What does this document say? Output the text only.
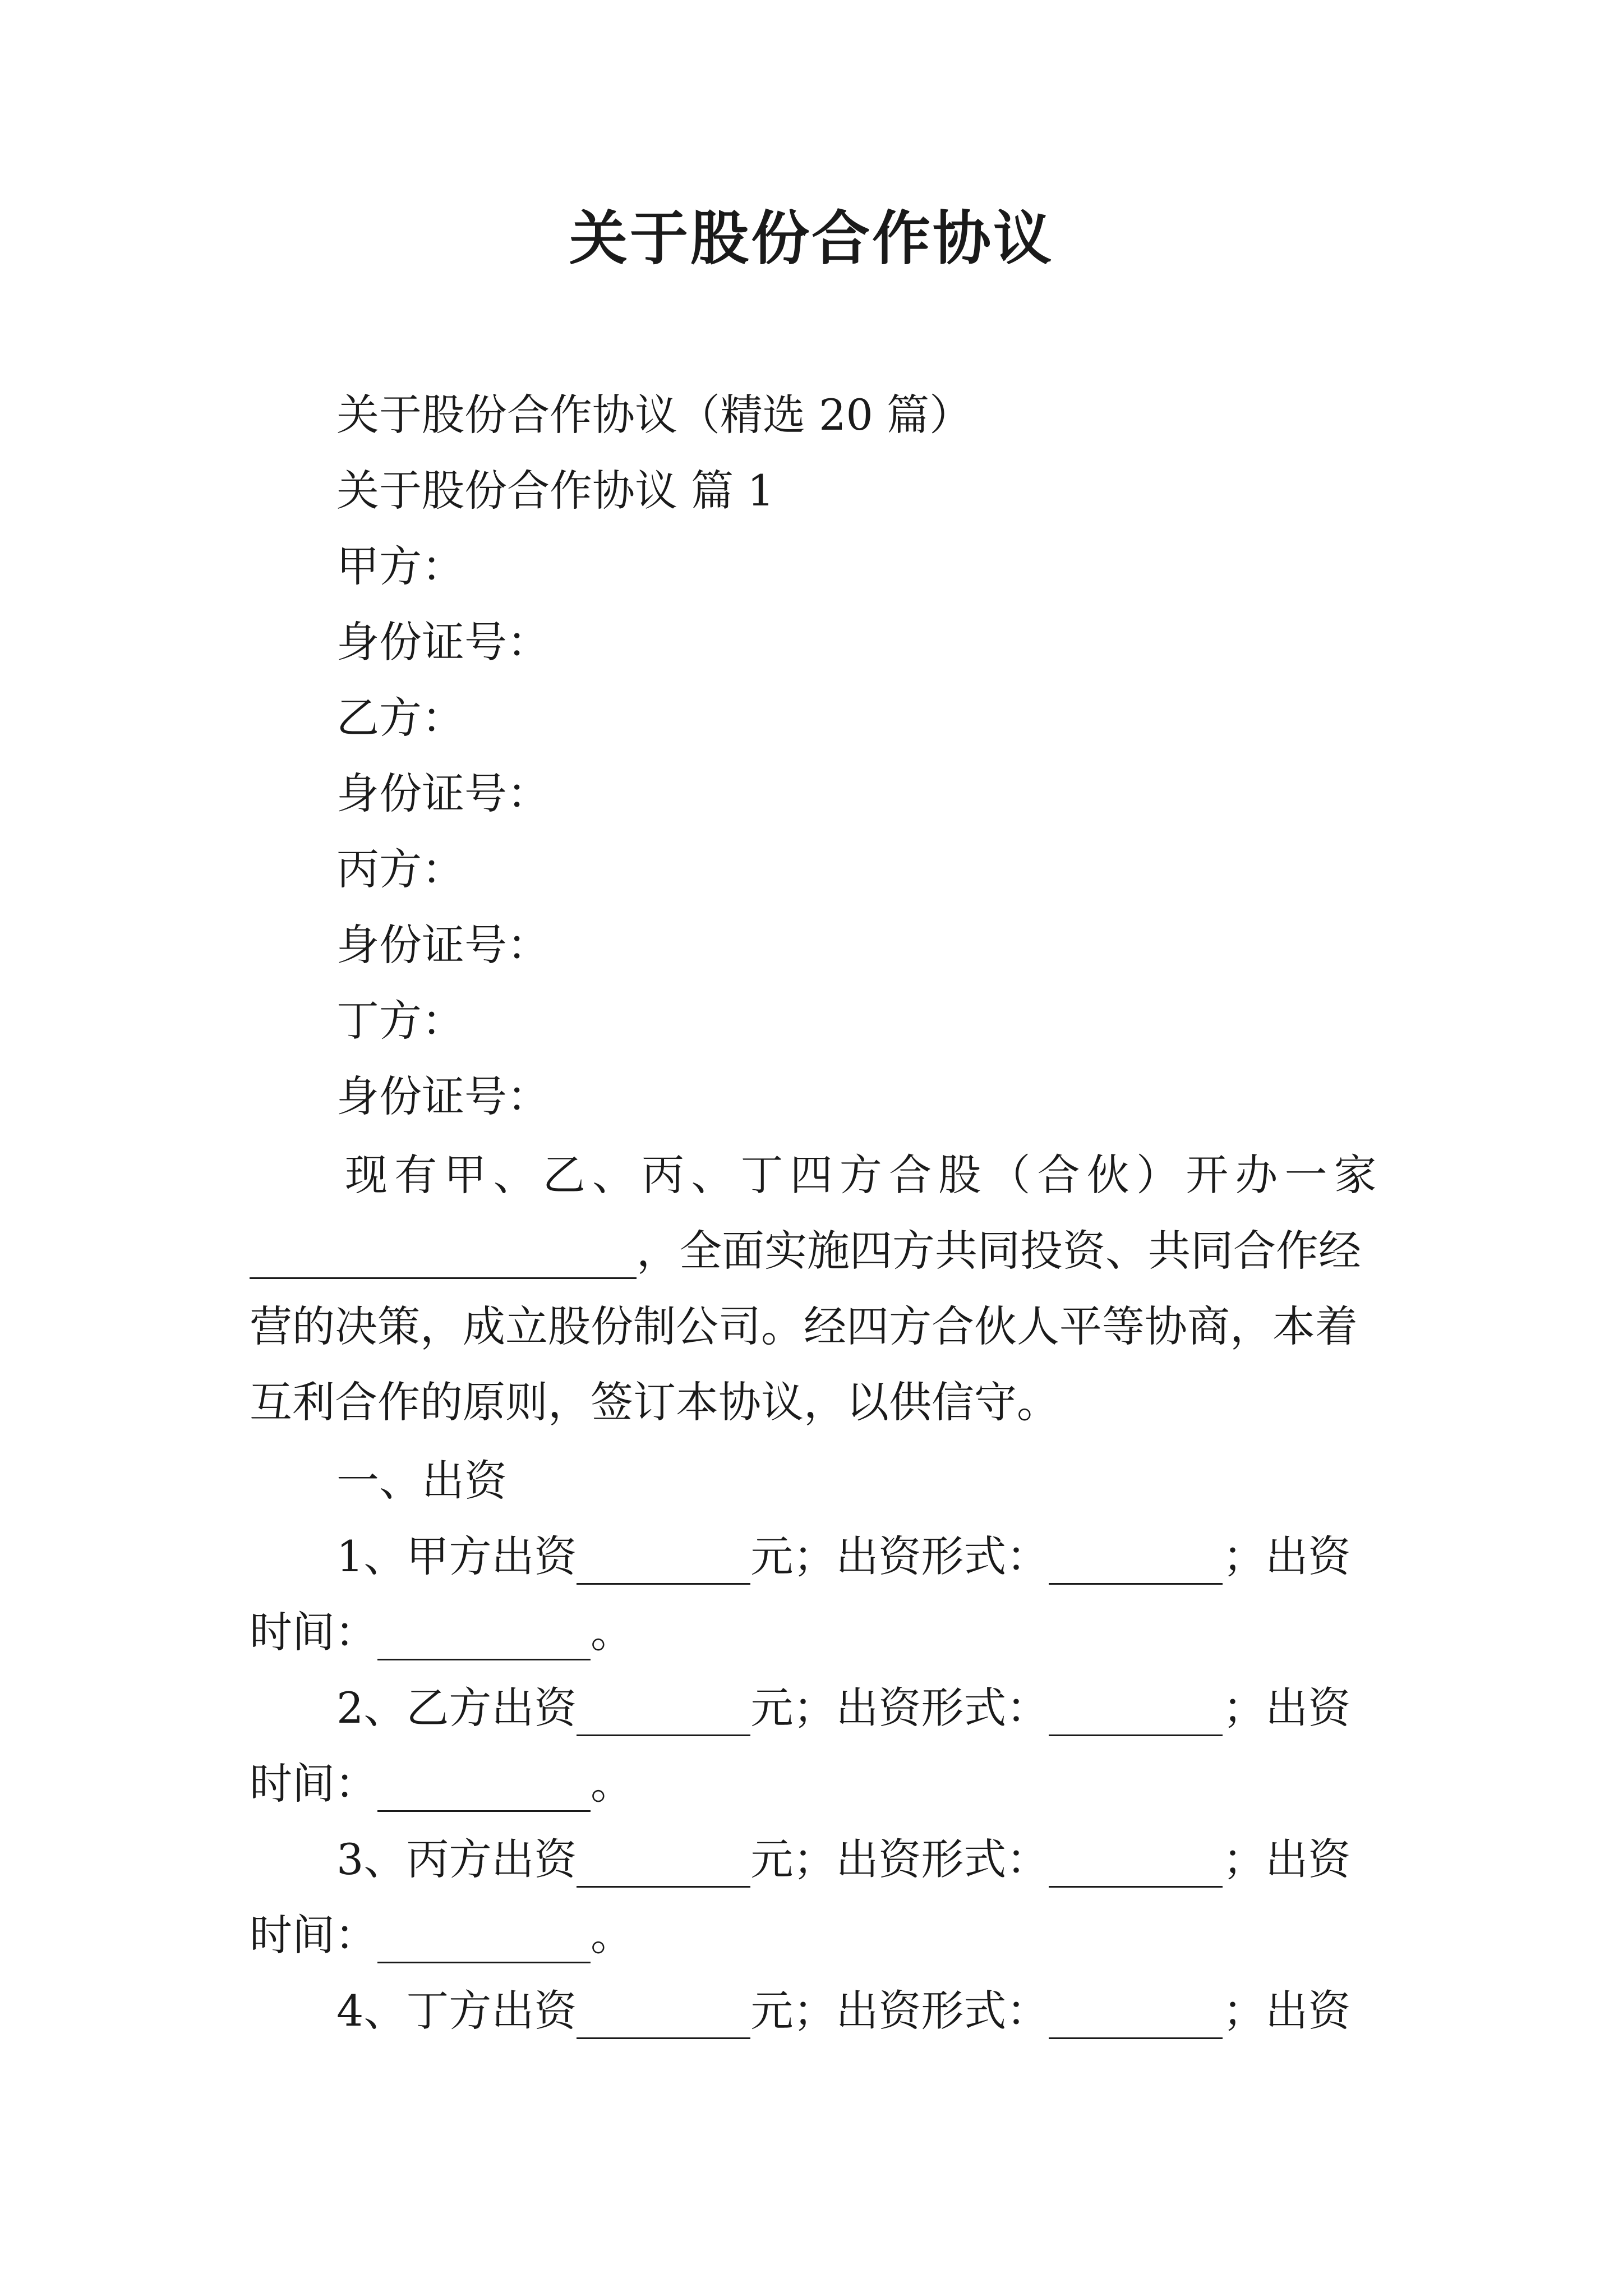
关于股份合作协议
关于股份合作协议（精选 20 篇）
关于股份合作协议 篇 1
甲方：
身份证号：
乙方：
身份证号：
丙方：
身份证号：
丁方：
身份证号：
现 有 甲 、 乙 、 丙 、 丁 四 方 合 股 （ 合 伙 ） 开 办 一 家
，全面实施四方共同投资、共同合作经
营的决策，成立股份制公司。经四方合伙人平等协商，本着
互利合作的原则，签订本协议，以供信守。
一、出资
1、甲方出资	元；出资形式：	；出资
时间：	。
2、乙方出资	元；出资形式：	；出资
时间：	。
3、丙方出资	元；出资形式：	；出资
时间：	。
4、丁方出资	元；出资形式：	；出资
